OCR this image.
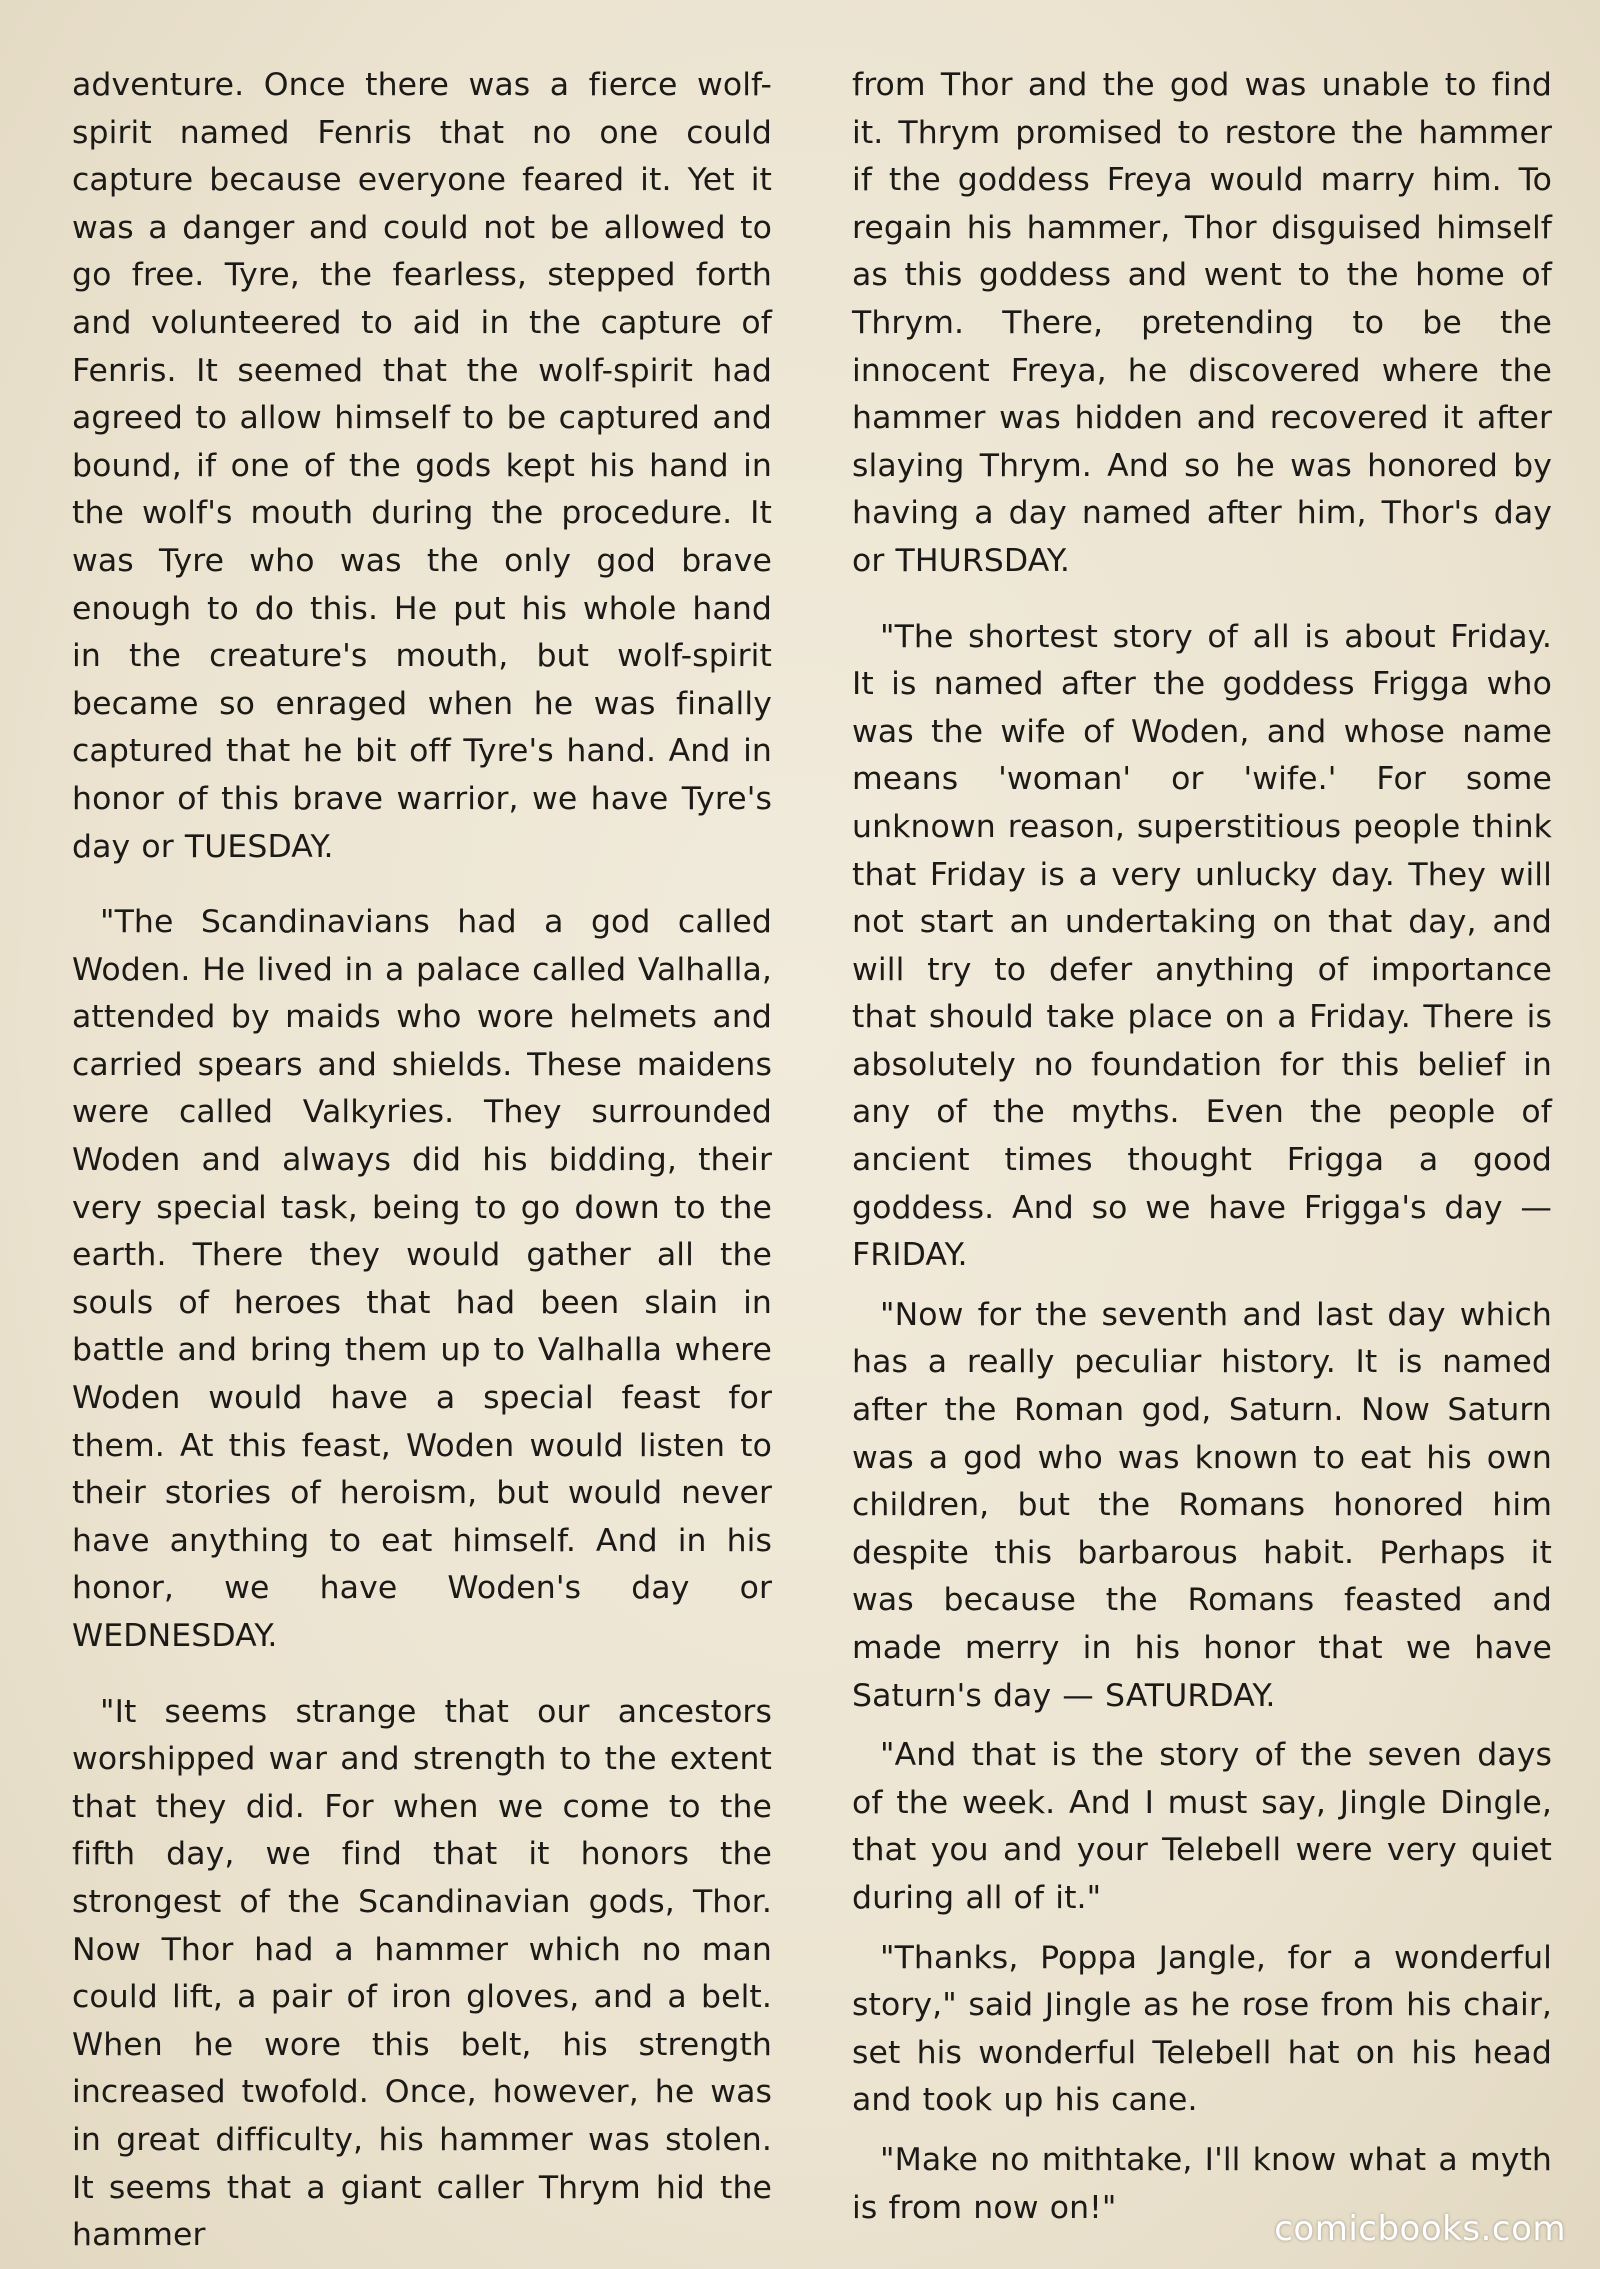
adventure. Once there was a fierce wolf-spirit named Fenris that no one could capture because everyone feared it. Yet it was a danger and could not be allowed to go free. Tyre, the fearless, stepped forth and volunteered to aid in the capture of Fenris. It seemed that the wolf-spirit had agreed to allow himself to be captured and bound, if one of the gods kept his hand in the wolf's mouth during the procedure. It was Tyre who was the only god brave enough to do this. He put his whole hand in the creature's mouth, but wolf-spirit became so enraged when he was finally captured that he bit off Tyre's hand. And in honor of this brave warrior, we have Tyre's day or TUESDAY.

"The Scandinavians had a god called Woden. He lived in a palace called Valhalla, attended by maids who wore helmets and carried spears and shields. These maidens were called Valkyries. They surrounded Woden and always did his bidding, their very special task, being to go down to the earth. There they would gather all the souls of heroes that had been slain in battle and bring them up to Valhalla where Woden would have a special feast for them. At this feast, Woden would listen to their stories of heroism, but would never have anything to eat himself. And in his honor, we have Woden's day or WEDNESDAY.

"It seems strange that our ancestors worshipped war and strength to the extent that they did. For when we come to the fifth day, we find that it honors the strongest of the Scandinavian gods, Thor. Now Thor had a hammer which no man could lift, a pair of iron gloves, and a belt. When he wore this belt, his strength increased twofold. Once, however, he was in great difficulty, his hammer was stolen. It seems that a giant caller Thrym hid the hammer

from Thor and the god was unable to find it. Thrym promised to restore the hammer if the goddess Freya would marry him. To regain his hammer, Thor disguised himself as this goddess and went to the home of Thrym. There, pretending to be the innocent Freya, he discovered where the hammer was hidden and recovered it after slaying Thrym. And so he was honored by having a day named after him, Thor's day or THURSDAY.

"The shortest story of all is about Friday. It is named after the goddess Frigga who was the wife of Woden, and whose name means 'woman' or 'wife.' For some unknown reason, superstitious people think that Friday is a very unlucky day. They will not start an undertaking on that day, and will try to defer anything of importance that should take place on a Friday. There is absolutely no foundation for this belief in any of the myths. Even the people of ancient times thought Frigga a good goddess. And so we have Frigga's day — FRIDAY.

"Now for the seventh and last day which has a really peculiar history. It is named after the Roman god, Saturn. Now Saturn was a god who was known to eat his own children, but the Romans honored him despite this barbarous habit. Perhaps it was because the Romans feasted and made merry in his honor that we have Saturn's day — SATURDAY.

"And that is the story of the seven days of the week. And I must say, Jingle Dingle, that you and your Telebell were very quiet during all of it."

"Thanks, Poppa Jangle, for a wonderful story," said Jingle as he rose from his chair, set his wonderful Telebell hat on his head and took up his cane.

"Make no mithtake, I'll know what a myth is from now on!"

comicbooks.com
